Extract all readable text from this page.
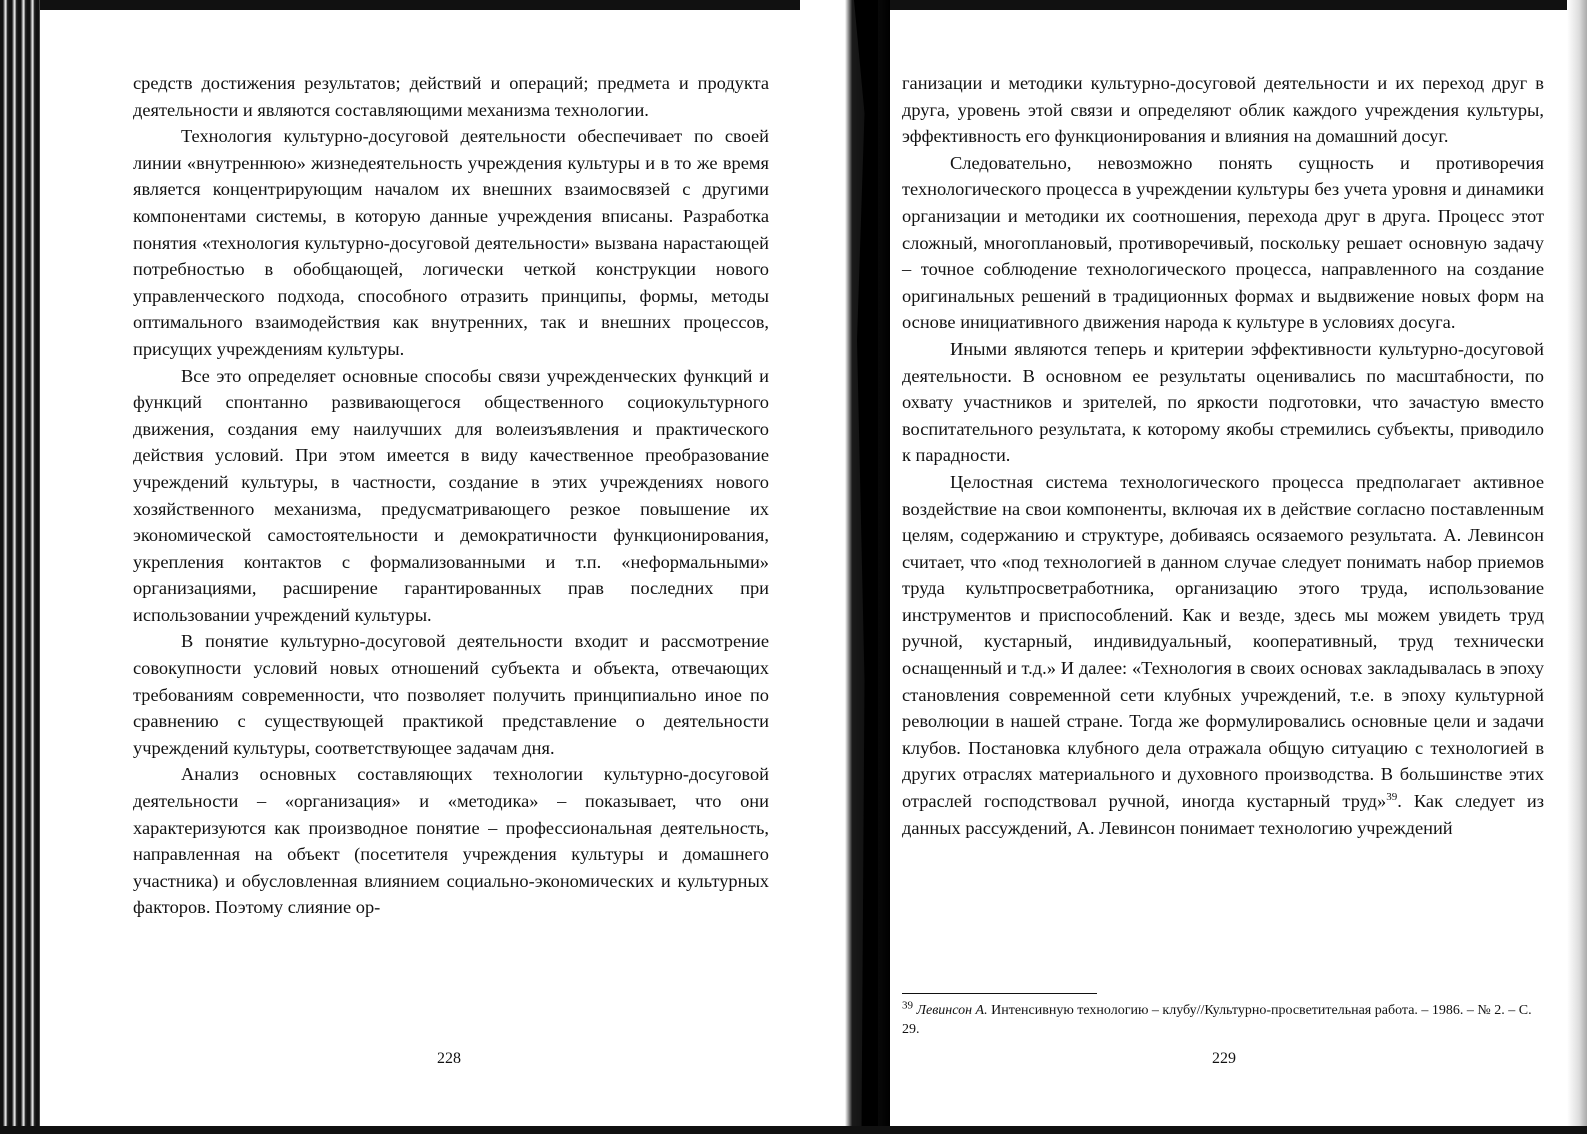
средств достижения результатов; действий и операций; предмета и продукта деятельности и являются составляющими механизма технологии.

Технология культурно-досуговой деятельности обеспечивает по своей линии «внутреннюю» жизнедеятельность учреждения культуры и в то же время является концентрирующим началом их внешних взаимосвязей с другими компонентами системы, в которую данные учреждения вписаны. Разработка понятия «технология культурно-досуговой деятельности» вызвана нарастающей потребностью в обобщающей, логически четкой конструкции нового управленческого подхода, способного отразить принципы, формы, методы оптимального взаимодействия как внутренних, так и внешних процессов, присущих учреждениям культуры.

Все это определяет основные способы связи учрежденческих функций и функций спонтанно развивающегося общественного социокультурного движения, создания ему наилучших для волеизъявления и практического действия условий. При этом имеется в виду качественное преобразование учреждений культуры, в частности, создание в этих учреждениях нового хозяйственного механизма, предусматривающего резкое повышение их экономической самостоятельности и демократичности функционирования, укрепления контактов с формализованными и т.п. «неформальными» организациями, расширение гарантированных прав последних при использовании учреждений культуры.

В понятие культурно-досуговой деятельности входит и рассмотрение совокупности условий новых отношений субъекта и объекта, отвечающих требованиям современности, что позволяет получить принципиально иное по сравнению с существующей практикой представление о деятельности учреждений культуры, соответствующее задачам дня.

Анализ основных составляющих технологии культурно-досуговой деятельности – «организация» и «методика» – показывает, что они характеризуются как производное понятие – профессиональная деятельность, направленная на объект (посетителя учреждения культуры и домашнего участника) и обусловленная влиянием социально-экономических и культурных факторов. Поэтому слияние ор-

228

ганизации и методики культурно-досуговой деятельности и их переход друг в друга, уровень этой связи и определяют облик каждого учреждения культуры, эффективность его функционирования и влияния на домашний досуг.

Следовательно, невозможно понять сущность и противоречия технологического процесса в учреждении культуры без учета уровня и динамики организации и методики их соотношения, перехода друг в друга. Процесс этот сложный, многоплановый, противоречивый, поскольку решает основную задачу – точное соблюдение технологического процесса, направленного на создание оригинальных решений в традиционных формах и выдвижение новых форм на основе инициативного движения народа к культуре в условиях досуга.

Иными являются теперь и критерии эффективности культурно-досуговой деятельности. В основном ее результаты оценивались по масштабности, по охвату участников и зрителей, по яркости подготовки, что зачастую вместо воспитательного результата, к которому якобы стремились субъекты, приводило к парадности.

Целостная система технологического процесса предполагает активное воздействие на свои компоненты, включая их в действие согласно поставленным целям, содержанию и структуре, добиваясь осязаемого результата. А. Левинсон считает, что «под технологией в данном случае следует понимать набор приемов труда культпросветработника, организацию этого труда, использование инструментов и приспособлений. Как и везде, здесь мы можем увидеть труд ручной, кустарный, индивидуальный, кооперативный, труд технически оснащенный и т.д.» И далее: «Технология в своих основах закладывалась в эпоху становления современной сети клубных учреждений, т.е. в эпоху культурной революции в нашей стране. Тогда же формулировались основные цели и задачи клубов. Постановка клубного дела отражала общую ситуацию с технологией в других отраслях материального и духовного производства. В большинстве этих отраслей господствовал ручной, иногда кустарный труд»$^{39}$. Как следует из данных рассуждений, А. Левинсон понимает технологию учреждений

$^{39}$ Левинсон А. Интенсивную технологию – клубу//Культурно-просветительная работа. – 1986. – № 2. – С. 29.
229
